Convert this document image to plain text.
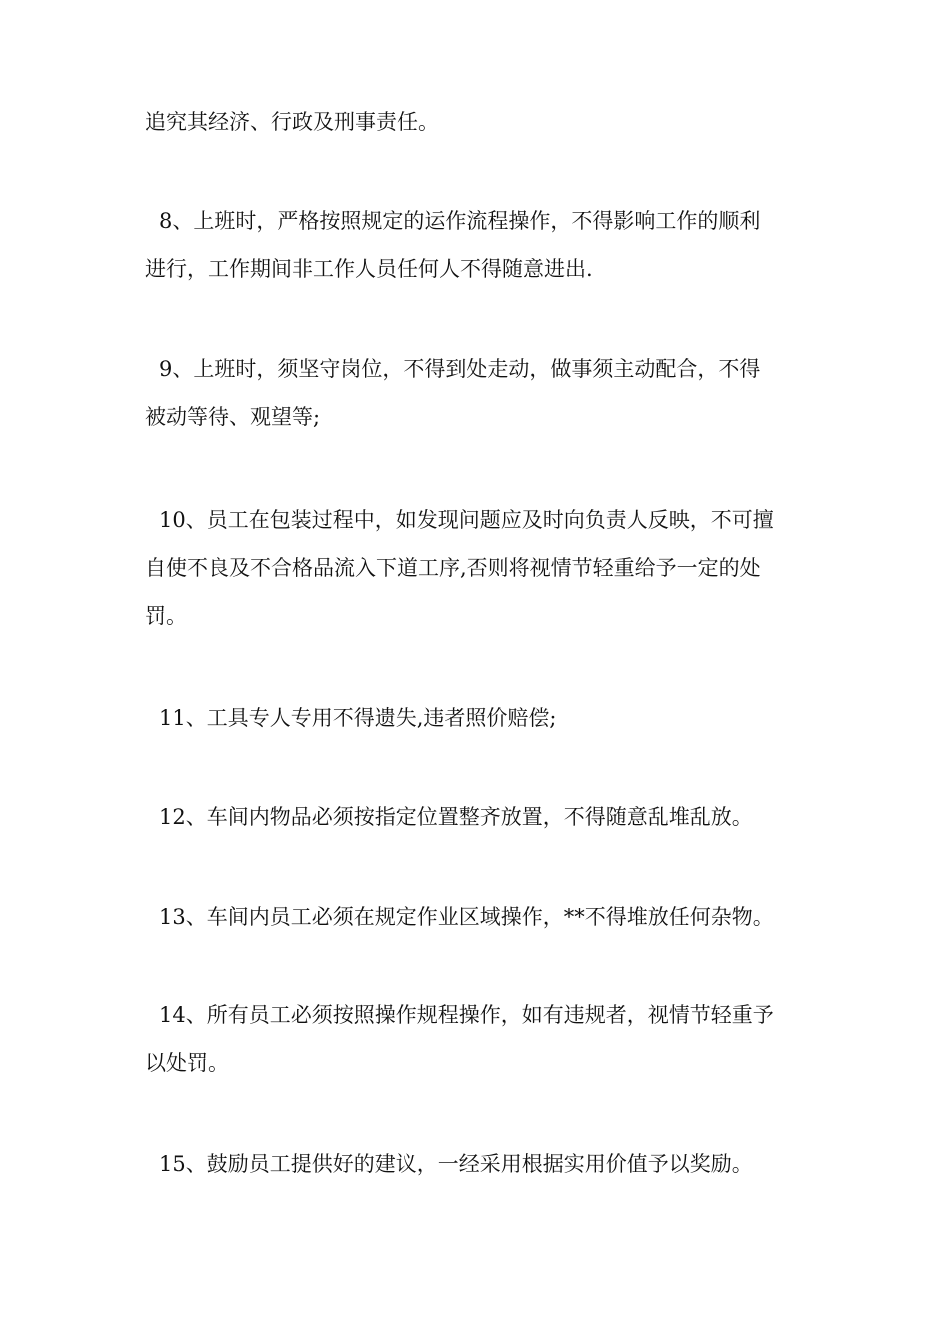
追究其经济、行政及刑事责任。
8、上班时，严格按照规定的运作流程操作，不得影响工作的顺利
进行，工作期间非工作人员任何人不得随意进出.
9、上班时，须坚守岗位，不得到处走动，做事须主动配合，不得
被动等待、观望等;
10、员工在包装过程中，如发现问题应及时向负责人反映，不可擅
自使不良及不合格品流入下道工序,否则将视情节轻重给予一定的处
罚。
11、工具专人专用不得遗失,违者照价赔偿;
12、车间内物品必须按指定位置整齐放置，不得随意乱堆乱放。
13、车间内员工必须在规定作业区域操作，**不得堆放任何杂物。
14、所有员工必须按照操作规程操作，如有违规者，视情节轻重予
以处罚。
15、鼓励员工提供好的建议，一经采用根据实用价值予以奖励。
